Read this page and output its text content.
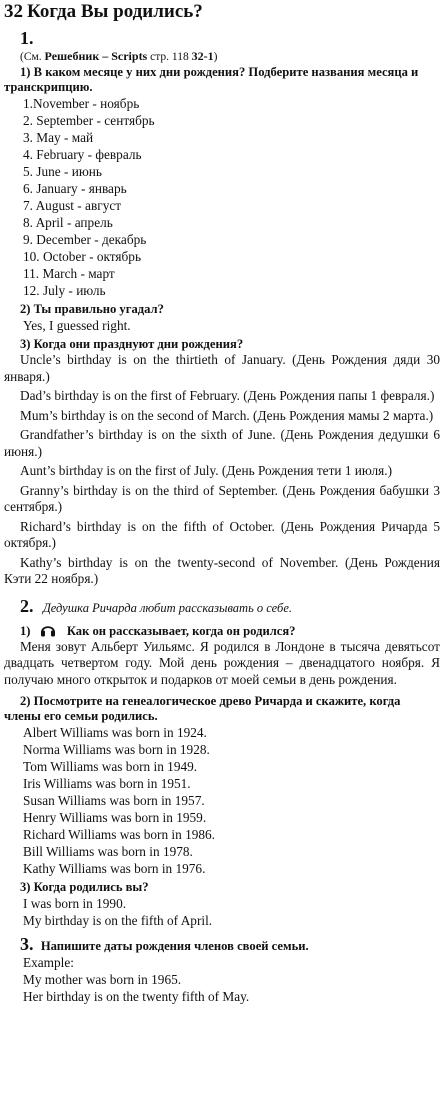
32 Когда Вы родились?
1.
(См. Решебник – Scripts стр. 118 32-1)
1) В каком месяце у них дни рождения? Подберите названия месяца и транскрипцию.
1.November - ноябрь
2. September - сентябрь
3. May - май
4. February - февраль
5. June - июнь
6. January - январь
7. August - август
8. April - апрель
9. December - декабрь
10. October - октябрь
11. March - март
12. July - июль
2) Ты правильно угадал?
Yes, I guessed right.
3) Когда они празднуют дни рождения?

Uncle’s birthday is on the thirtieth of January. (День Рождения дяди 30 января.)

Dad’s birthday is on the first of February. (День Рождения папы 1 февраля.)

Mum’s birthday is on the second of March. (День Рождения мамы 2 марта.)

Grandfather’s birthday is on the sixth of June. (День Рождения дедушки 6 июня.)

Aunt’s birthday is on the first of July. (День Рождения тети 1 июля.)

Granny’s birthday is on the third of September. (День Рождения бабушки 3 сентября.)

Richard’s birthday is on the fifth of October. (День Рождения Ричарда 5 октября.)

Kathy’s birthday is on the twenty-second of November. (День Рождения Кэти 22 ноября.)

2. Дедушка Ричарда любит рассказывать о себе.
1)	Как он рассказывает, когда он родился?

Меня зовут Альберт Уильямс. Я родился в Лондоне в тысяча девятьсот двадцать четвертом году. Мой день рождения – двенадцатого ноября. Я получаю много открыток и подарков от моей семьи в день рождения.

2) Посмотрите на генеалогическое древо Ричарда и скажите, когда члены его семьи родились.
Albert Williams was born in 1924.
Norma Williams was born in 1928.
Tom Williams was born in 1949.
Iris Williams was born in 1951.
Susan Williams was born in 1957.
Henry Williams was born in 1959.
Richard Williams was born in 1986.
Bill Williams was born in 1978.
Kathy Williams was born in 1976.
3) Когда родились вы?
I was born in 1990.
My birthday is on the fifth of April.
3. Напишите даты рождения членов своей семьи.
Example:
My mother was born in 1965.
Her birthday is on the twenty fifth of May.
